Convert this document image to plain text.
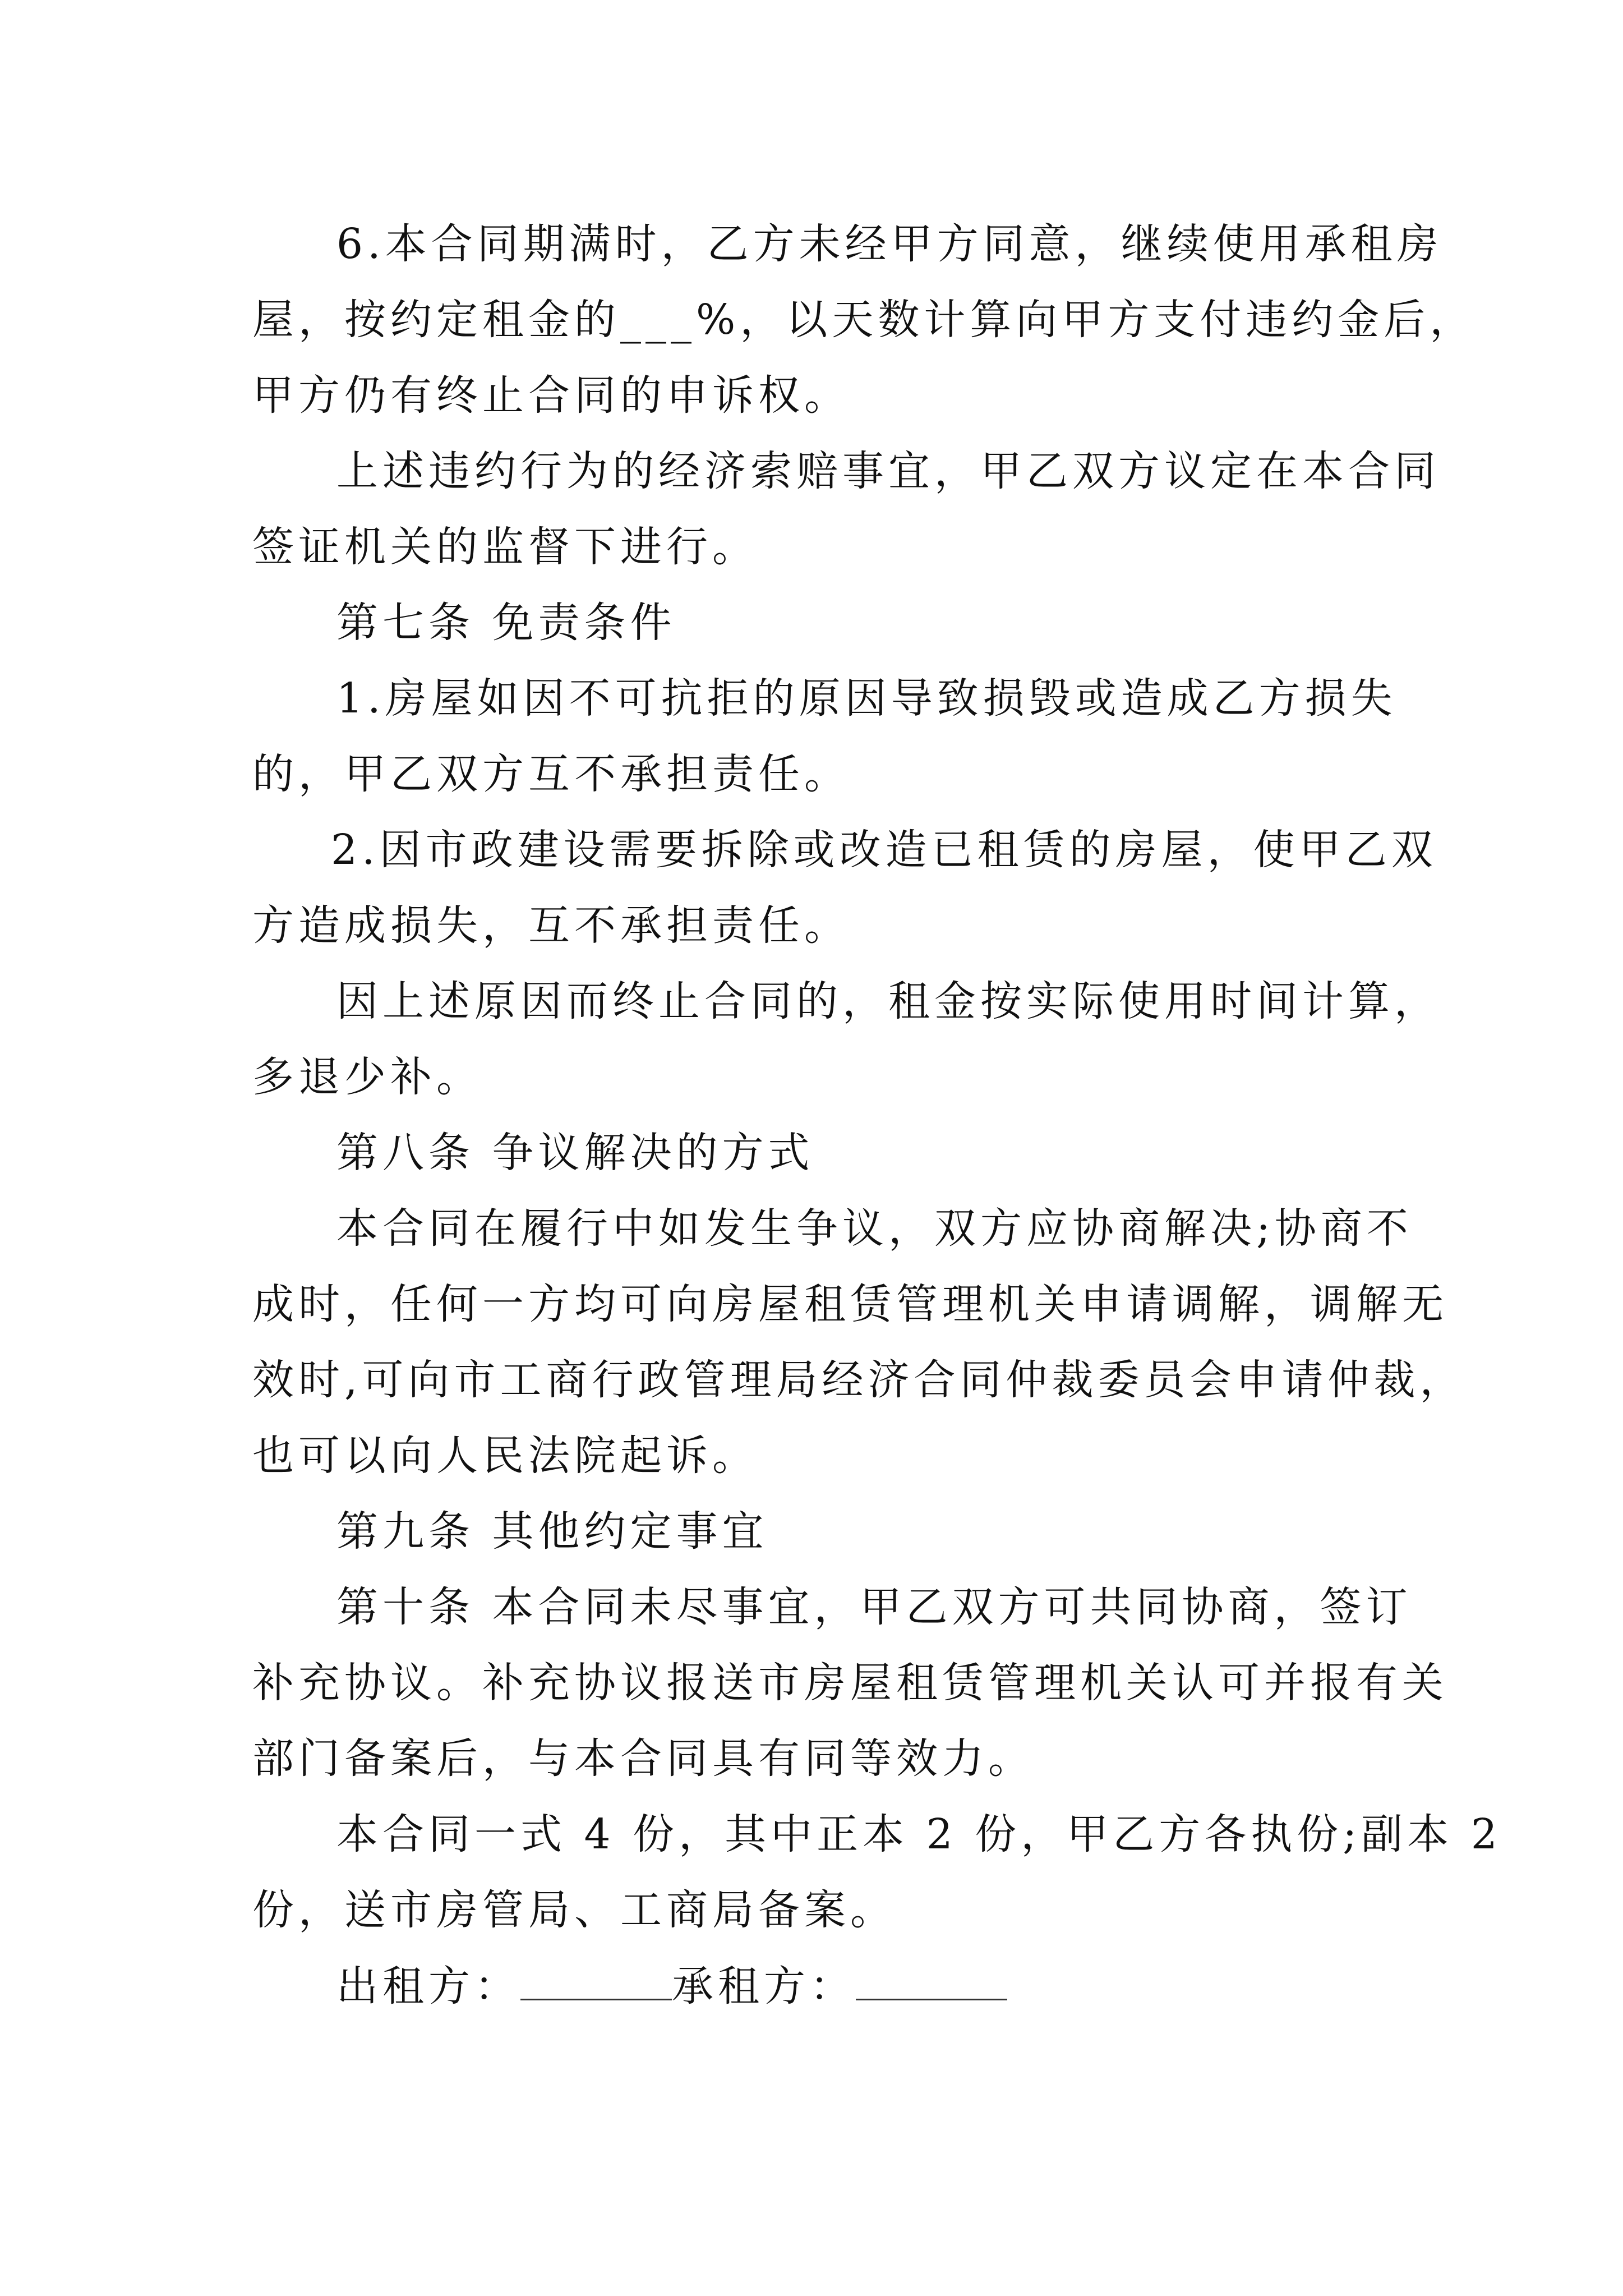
6.本合同期满时，乙方未经甲方同意，继续使用承租房
屋，按约定租金的___%，以天数计算向甲方支付违约金后，
甲方仍有终止合同的申诉权。
上述违约行为的经济索赔事宜，甲乙双方议定在本合同
签证机关的监督下进行。
第七条 免责条件
1.房屋如因不可抗拒的原因导致损毁或造成乙方损失
的，甲乙双方互不承担责任。
2.因市政建设需要拆除或改造已租赁的房屋，使甲乙双
方造成损失，互不承担责任。
因上述原因而终止合同的，租金按实际使用时间计算，
多退少补。
第八条 争议解决的方式
本合同在履行中如发生争议，双方应协商解决;协商不
成时，任何一方均可向房屋租赁管理机关申请调解，调解无
效时,可向市工商行政管理局经济合同仲裁委员会申请仲裁，
也可以向人民法院起诉。
第九条 其他约定事宜
第十条 本合同未尽事宜，甲乙双方可共同协商，签订
补充协议。补充协议报送市房屋租赁管理机关认可并报有关
部门备案后，与本合同具有同等效力。
本合同一式 4 份，其中正本 2 份，甲乙方各执份;副本 2
份，送市房管局、工商局备案。
出租方：	承租方：
